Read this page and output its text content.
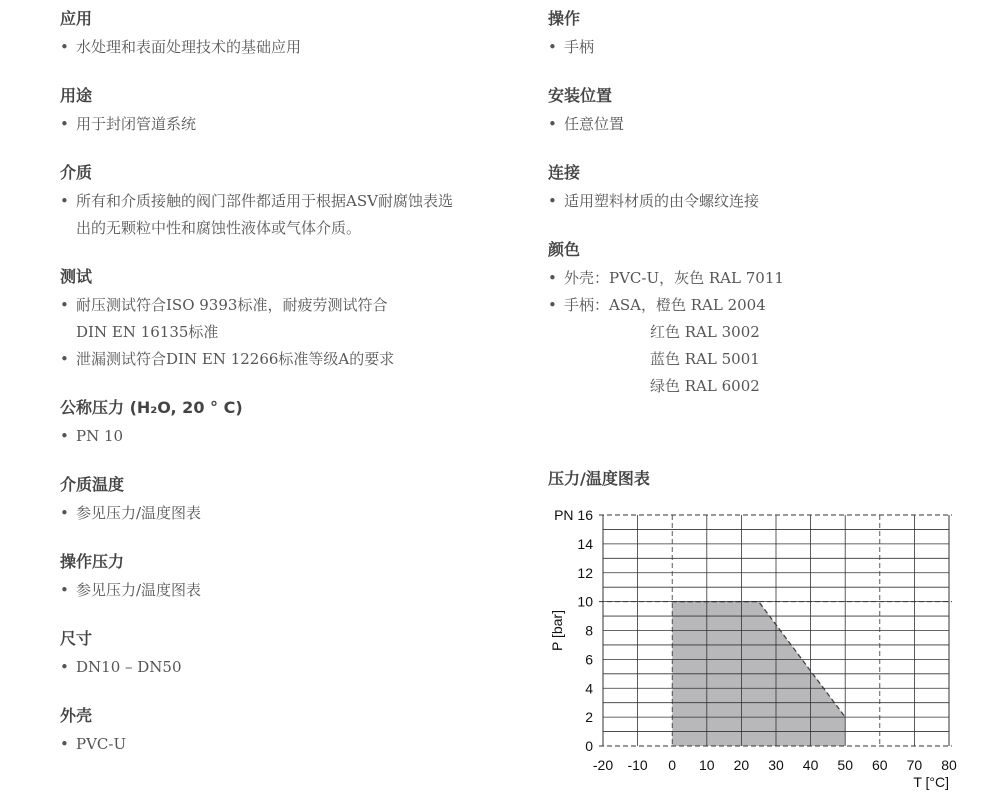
应用
• 水处理和表面处理技术的基础应用
用途
• 用于封闭管道系统
介质
• 所有和介质接触的阀门部件都适用于根据ASV耐腐蚀表选
出的无颗粒中性和腐蚀性液体或气体介质。
测试
• 耐压测试符合ISO 9393标准，耐疲劳测试符合
DIN EN 16135标准
• 泄漏测试符合DIN EN 12266标准等级A的要求
公称压力 (H₂O, 20 ° C)
• PN 10
介质温度
• 参见压力/温度图表
操作压力
• 参见压力/温度图表
尺寸
• DN10 – DN50
外壳
• PVC-U
操作
• 手柄
安装位置
• 任意位置
连接
• 适用塑料材质的由令螺纹连接
颜色
• 外壳：PVC-U，灰色 RAL 7011
• 手柄：ASA，橙色 RAL 2004
红色 RAL 3002
蓝色 RAL 5001
绿色 RAL 6002
压力/温度图表
0
2
4
6
8
10
12
14
PN 16
-20 -10 0 10 20 30 40 50 60 70 80
T [°C]
P [bar]
